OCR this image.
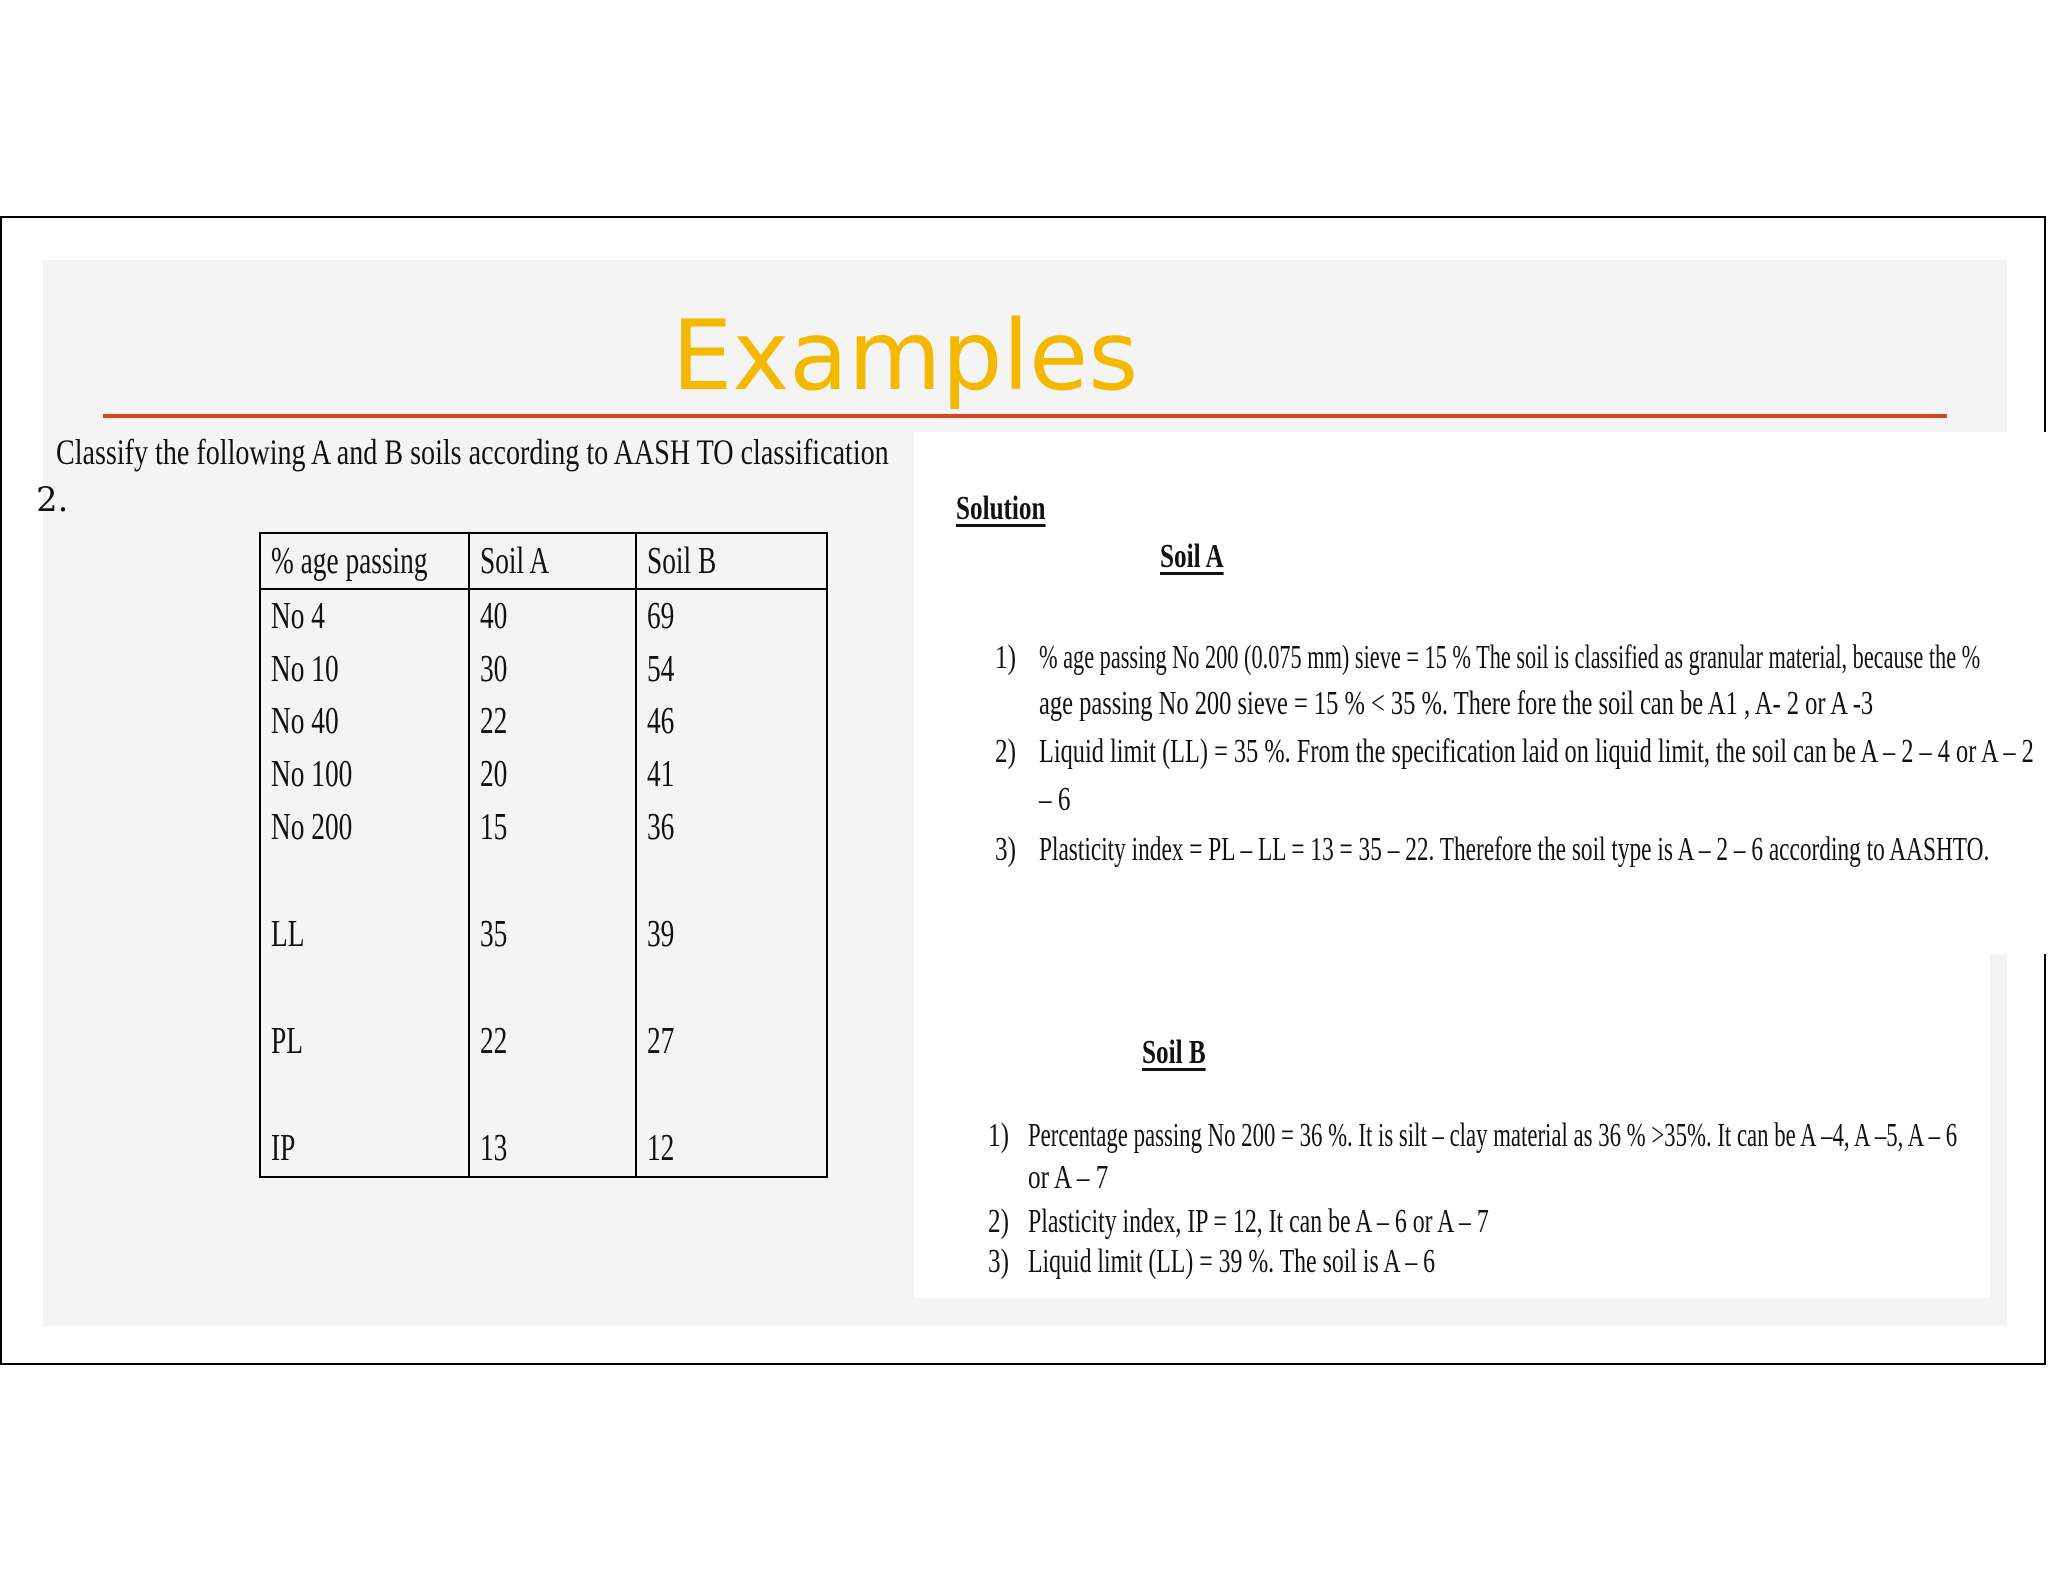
Examples
Classify the following A and B soils according to AASH TO classification
2.
% age passing	Soil A	Soil B
No 4	40	69
No 10	30	54
No 40	22	46
No 100	20	41
No 200	15	36
LL	35	39
PL	22	27
IP	13	12
Solution
Soil A
1) % age passing No 200 (0.075 mm) sieve = 15 % The soil is classified as granular material, because the %
age passing No 200 sieve = 15 % < 35 %. There fore the soil can be A1 , A- 2 or A -3
2) Liquid limit (LL) = 35 %. From the specification laid on liquid limit, the soil can be A – 2 – 4 or A – 2
– 6
3) Plasticity index = PL – LL = 13 = 35 – 22. Therefore the soil type is A – 2 – 6 according to AASHTO.
Soil B
1) Percentage passing No 200 = 36 %. It is silt – clay material as 36 % >35%. It can be A –4, A –5, A – 6
or A – 7
2) Plasticity index, IP = 12, It can be A – 6 or A – 7
3) Liquid limit (LL) = 39 %. The soil is A – 6
